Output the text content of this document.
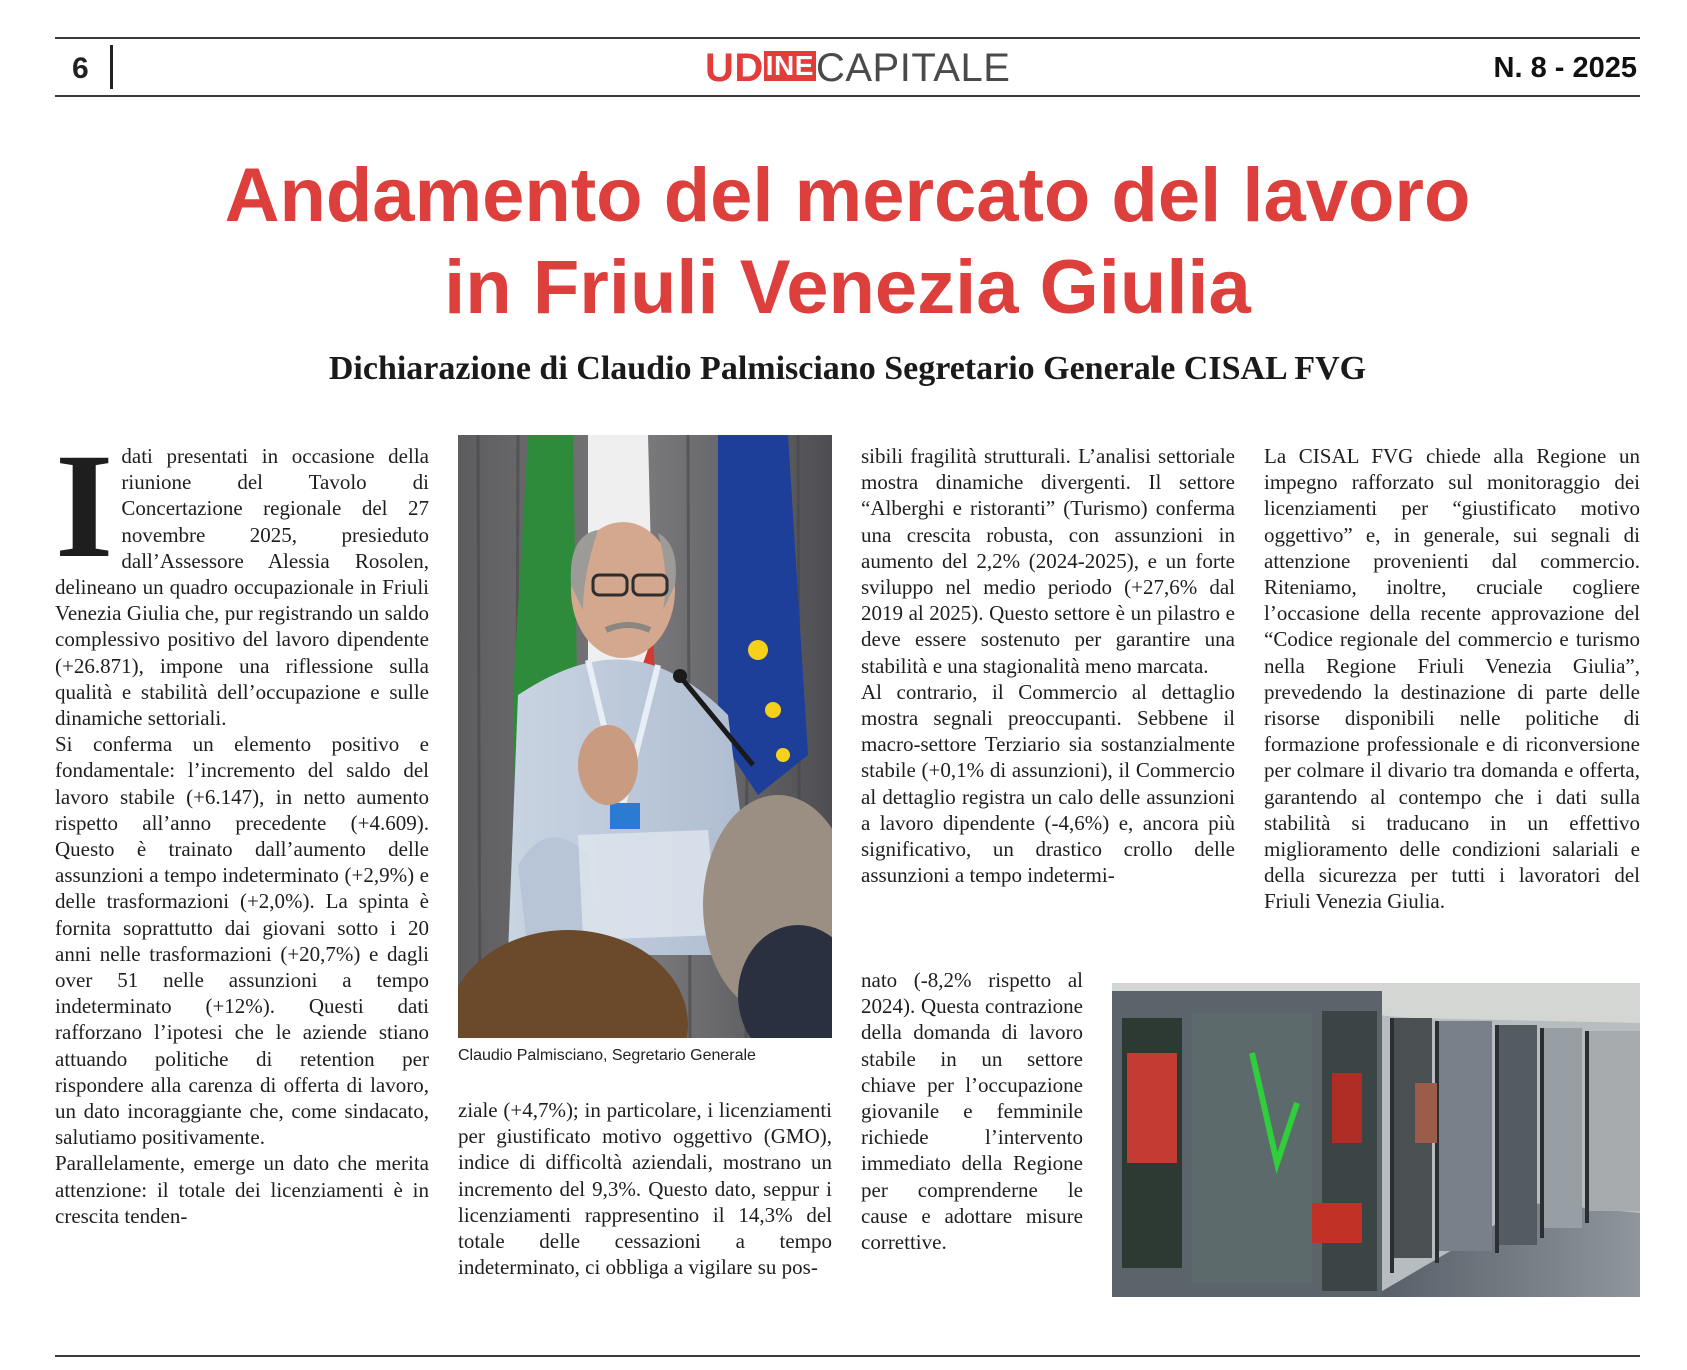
6	UDINECAPITALE	N. 8 - 2025
Andamento del mercato del lavoro
in Friuli Venezia Giulia
Dichiarazione di Claudio Palmisciano Segretario Generale CISAL FVG
I dati presentati in occasione della riunione del Tavolo di Concertazione regionale del 27 novembre 2025, presieduto dall’Assessore Alessia Rosolen, delineano un quadro occupazionale in Friuli Venezia Giulia che, pur registrando un saldo complessivo positivo del lavoro dipendente (+26.871), impone una riflessione sulla qualità e stabilità dell’occupazione e sulle dinamiche settoriali.

Si conferma un elemento positivo e fondamentale: l’incremento del saldo del lavoro stabile (+6.147), in netto aumento rispetto all’anno precedente (+4.609). Questo è trainato dall’aumento delle assunzioni a tempo indeterminato (+2,9%) e delle trasformazioni (+2,0%). La spinta è fornita soprattutto dai giovani sotto i 20 anni nelle trasformazioni (+20,7%) e dagli over 51 nelle assunzioni a tempo indeterminato (+12%). Questi dati rafforzano l’ipotesi che le aziende stiano attuando politiche di retention per rispondere alla carenza di offerta di lavoro, un dato incoraggiante che, come sindacato, salutiamo positivamente.

Parallelamente, emerge un dato che merita attenzione: il totale dei licenziamenti è in crescita tenden-

Claudio Palmisciano, Segretario Generale

ziale (+4,7%); in particolare, i licenziamenti per giustificato motivo oggettivo (GMO), indice di difficoltà aziendali, mostrano un incremento del 9,3%. Questo dato, seppur i licenziamenti rappresentino il 14,3% del totale delle cessazioni a tempo indeterminato, ci obbliga a vigilare su pos-

sibili fragilità strutturali. L’analisi settoriale mostra dinamiche divergenti. Il settore “Alberghi e ristoranti” (Turismo) conferma una crescita robusta, con assunzioni in aumento del 2,2% (2024-2025), e un forte sviluppo nel medio periodo (+27,6% dal 2019 al 2025). Questo settore è un pilastro e deve essere sostenuto per garantire una stabilità e una stagionalità meno marcata.

Al contrario, il Commercio al dettaglio mostra segnali preoccupanti. Sebbene il macro-settore Terziario sia sostanzialmente stabile (+0,1% di assunzioni), il Commercio al dettaglio registra un calo delle assunzioni a lavoro dipendente (-4,6%) e, ancora più significativo, un drastico crollo delle assunzioni a tempo indetermi-

nato (-8,2% rispetto al 2024). Questa contrazione della domanda di lavoro stabile in un settore chiave per l’occupazione giovanile e femminile richiede l’intervento immediato della Regione per comprenderne le cause e adottare misure correttive.

La CISAL FVG chiede alla Regione un impegno rafforzato sul monitoraggio dei licenziamenti per “giustificato motivo oggettivo” e, in generale, sui segnali di attenzione provenienti dal commercio. Riteniamo, inoltre, cruciale cogliere l’occasione della recente approvazione del “Codice regionale del commercio e turismo nella Regione Friuli Venezia Giulia”, prevedendo la destinazione di parte delle risorse disponibili nelle politiche di formazione professionale e di riconversione per colmare il divario tra domanda e offerta, garantendo al contempo che i dati sulla stabilità si traducano in un effettivo miglioramento delle condizioni salariali e della sicurezza per tutti i lavoratori del Friuli Venezia Giulia.
